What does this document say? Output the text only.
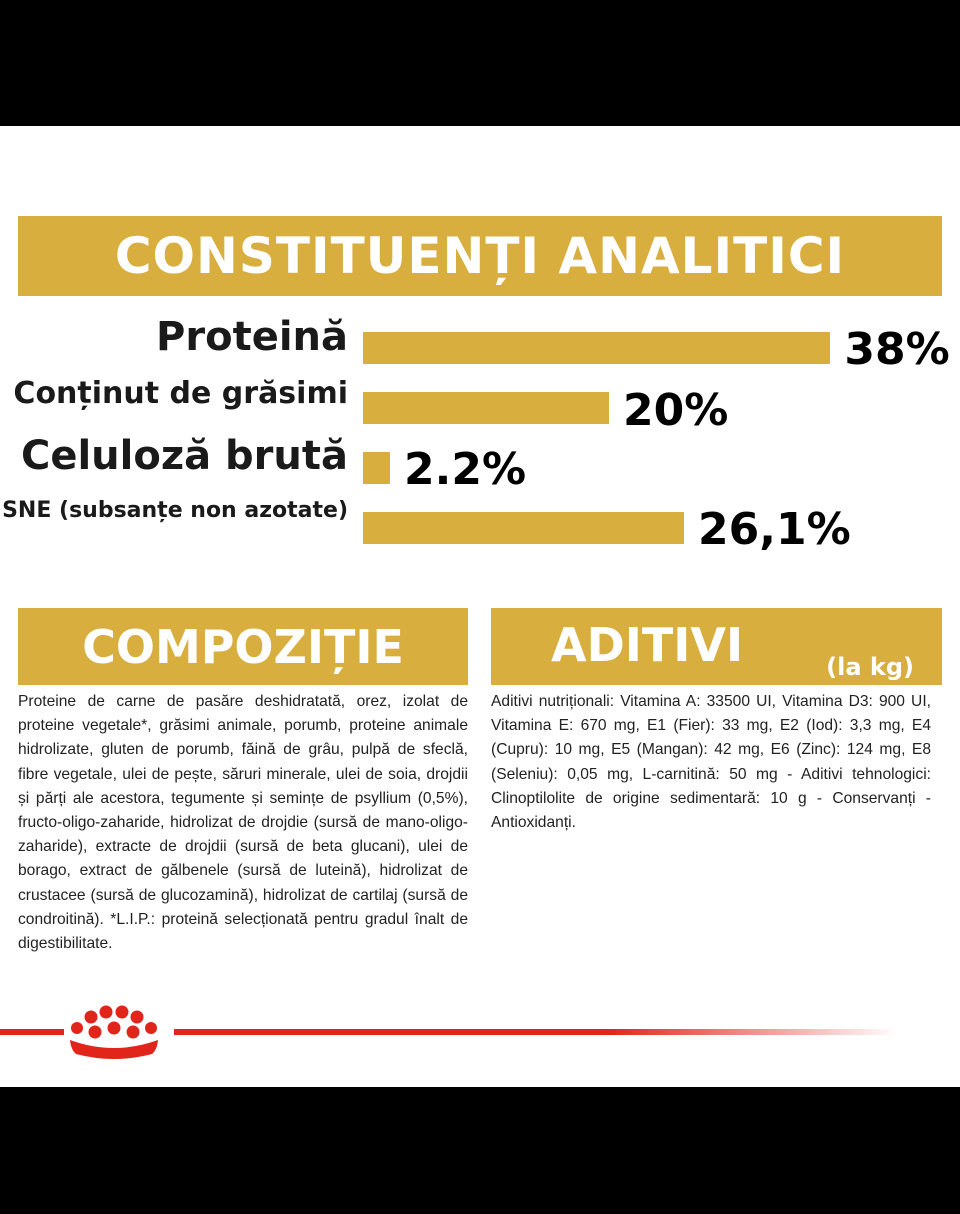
CONSTITUENȚI ANALITICI
Proteină	38%
Conținut de grăsimi	20%
Celuloză brută 2.2%
SNE (subsanțe non azotate)	26,1%
COMPOZIȚIE
Proteine de carne de pasăre deshidratată, orez, izolat de proteine vegetale*, grăsimi animale, porumb, proteine animale hidrolizate, gluten de porumb, făină de grâu, pulpă de sfeclă, fibre vegetale, ulei de pește, săruri minerale, ulei de soia, drojdii și părți ale acestora, tegumente și semințe de psyllium (0,5%), fructo-oligo-zaharide, hidrolizat de drojdie (sursă de mano-oligo-zaharide), extracte de drojdii (sursă de beta glucani), ulei de borago, extract de gălbenele (sursă de luteină), hidrolizat de crustacee (sursă de glucozamină), hidrolizat de cartilaj (sursă de condroitină). *L.I.P.: proteină selecționată pentru gradul înalt de digestibilitate.
ADITIVI	(la kg)
Aditivi nutriționali: Vitamina A: 33500 UI, Vitamina D3: 900 UI, Vitamina E: 670 mg, E1 (Fier): 33 mg, E2 (Iod): 3,3 mg, E4 (Cupru): 10 mg, E5 (Mangan): 42 mg, E6 (Zinc): 124 mg, E8 (Seleniu): 0,05 mg, L-carnitină: 50 mg - Aditivi tehnologici: Clinoptilolite de origine sedimentară: 10 g - Conservanți - Antioxidanți.
